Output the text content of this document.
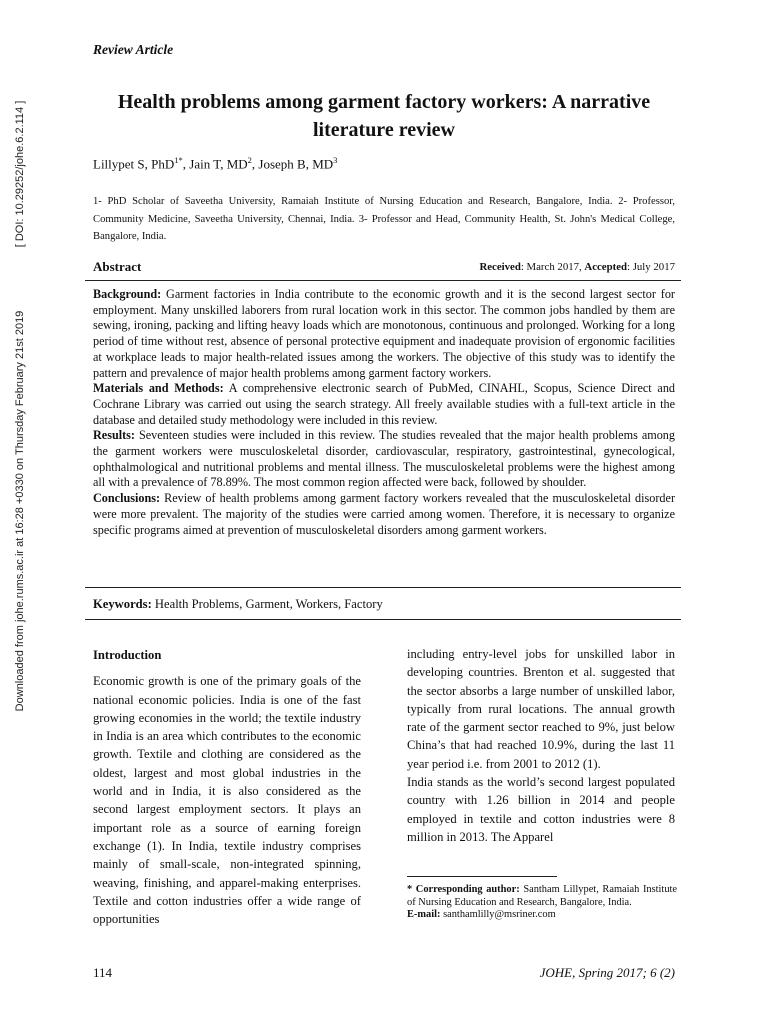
[ DOI: 10.29252/johe.6.2.114 ]
Downloaded from johe.rums.ac.ir at 16:28 +0330 on Thursday February 21st 2019
Review Article
Health problems among garment factory workers: A narrative literature review
Lillypet S, PhD$^{1*}$, Jain T, $MD^2$, Joseph B, $MD^3$

1- PhD Scholar of Saveetha University, Ramaiah Institute of Nursing Education and Research, Bangalore, India. 2- Professor, Community Medicine, Saveetha University, Chennai, India. 3- Professor and Head, Community Health, St. John's Medical College, Bangalore, India.

Abstract	Received: March 2017, Accepted: July 2017

Background: Garment factories in India contribute to the economic growth and it is the second largest sector for employment. Many unskilled laborers from rural location work in this sector. The common jobs handled by them are sewing, ironing, packing and lifting heavy loads which are monotonous, continuous and prolonged. Working for a long period of time without rest, absence of personal protective equipment and inadequate provision of ergonomic facilities at workplace leads to major health-related issues among the workers. The objective of this study was to identify the pattern and prevalence of major health problems among garment factory workers.

Materials and Methods: A comprehensive electronic search of PubMed, CINAHL, Scopus, Science Direct and Cochrane Library was carried out using the search strategy. All freely available studies with a full-text article in the database and detailed study methodology were included in this review.

Results: Seventeen studies were included in this review. The studies revealed that the major health problems among the garment workers were musculoskeletal disorder, cardiovascular, respiratory, gastrointestinal, gynecological, ophthalmological and nutritional problems and mental illness. The musculoskeletal problems were the highest among all with a prevalence of 78.89%. The most common region affected were back, followed by shoulder.

Conclusions: Review of health problems among garment factory workers revealed that the musculoskeletal disorder were more prevalent. The majority of the studies were carried among women. Therefore, it is necessary to organize specific programs aimed at prevention of musculoskeletal disorders among garment workers.

Keywords: Health Problems, Garment, Workers, Factory

Introduction

Economic growth is one of the primary goals of the national economic policies. India is one of the fast growing economies in the world; the textile industry in India is an area which contributes to the economic growth. Textile and clothing are considered as the oldest, largest and most global industries in the world and in India, it is also considered as the second largest employment sectors. It plays an important role as a source of earning foreign exchange (1). In India, textile industry comprises mainly of small-scale, non-integrated spinning, weaving, finishing, and apparel-making enterprises. Textile and cotton industries offer a wide range of opportunities

including entry-level jobs for unskilled labor in developing countries. Brenton et al. suggested that the sector absorbs a large number of unskilled labor, typically from rural locations. The annual growth rate of the garment sector reached to 9%, just below China’s that had reached 10.9%, during the last 11 year period i.e. from 2001 to 2012 (1).

India stands as the world’s second largest populated country with 1.26 billion in 2014 and people employed in textile and cotton industries were 8 million in 2013. The Apparel

* Corresponding author: Santham Lillypet, Ramaiah Institute of Nursing Education and Research, Bangalore, India.

E-mail: santhamlilly@msriner.com

114	JOHE, Spring 2017; 6 (2)
